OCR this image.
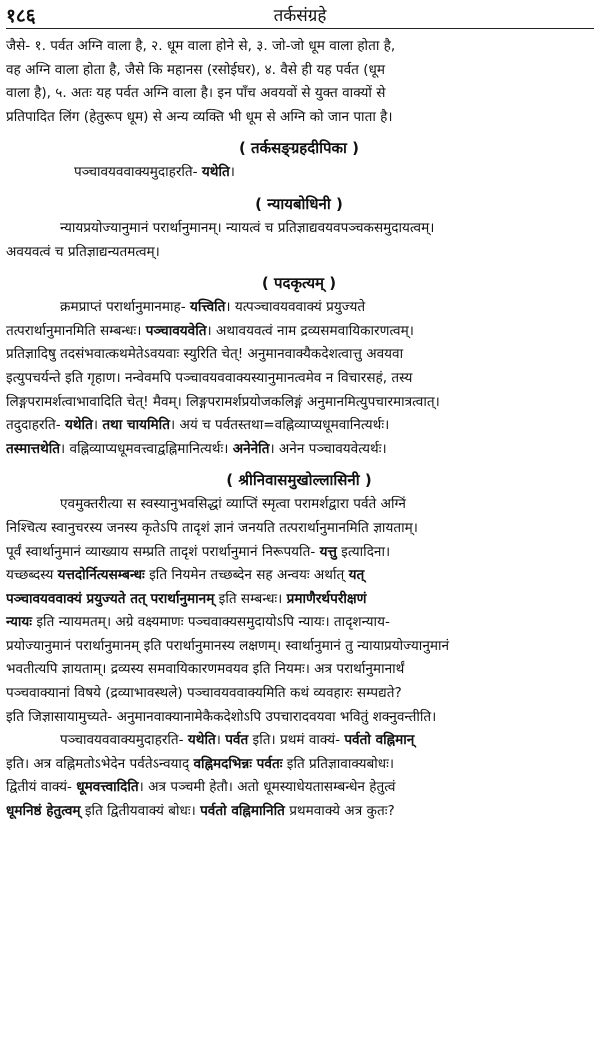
१८६	तर्कसंग्रहे
जैसे- १. पर्वत अग्नि वाला है, २. धूम वाला होने से, ३. जो-जो धूम वाला होता है,
वह अग्नि वाला होता है, जैसे कि महानस (रसोईघर), ४. वैसे ही यह पर्वत (धूम
वाला है), ५. अतः यह पर्वत अग्नि वाला है। इन पाँच अवयवों से युक्त वाक्यों से
प्रतिपादित लिंग (हेतुरूप धूम) से अन्य व्यक्ति भी धूम से अग्नि को जान पाता है।
( तर्कसङ्ग्रहदीपिका )
पञ्चावयववाक्यमुदाहरति- यथेति।
( न्यायबोधिनी )
न्यायप्रयोज्यानुमानं परार्थानुमानम्। न्यायत्वं च प्रतिज्ञाद्यवयवपञ्चकसमुदायत्वम्।
अवयवत्वं च प्रतिज्ञाद्यन्यतमत्वम्।
( पदकृत्यम् )
क्रमप्राप्तं परार्थानुमानमाह- यत्त्विति। यत्पञ्चावयववाक्यं प्रयुज्यते
तत्परार्थानुमानमिति सम्बन्धः। पञ्चावयवेति। अथावयवत्वं नाम द्रव्यसमवायिकारणत्वम्।
प्रतिज्ञादिषु तदसंभवात्कथमेतेऽवयवाः स्युरिति चेत्! अनुमानवाक्यैकदेशत्वात्तु अवयवा
इत्युपचर्यन्ते इति गृहाण। नन्वेवमपि पञ्चावयववाक्यस्यानुमानत्वमेव न विचारसहं, तस्य
लिङ्गपरामर्शत्वाभावादिति चेत्! मैवम्। लिङ्गपरामर्शप्रयोजकलिङ्गं अनुमानमित्युपचारमात्रत्वात्।
तदुदाहरति- यथेति। तथा चायमिति। अयं च पर्वतस्तथा=वह्निव्याप्यधूमवानित्यर्थः।
तस्मात्तथेति। वह्निव्याप्यधूमवत्त्वाद्वह्निमानित्यर्थः। अनेनेति। अनेन पञ्चावयवेत्यर्थः।
( श्रीनिवासमुखोल्लासिनी )
एवमुक्तरीत्या स स्वस्यानुभवसिद्धां व्याप्तिं स्मृत्वा परामर्शद्वारा पर्वते अग्निं
निश्चित्य स्वानुचरस्य जनस्य कृतेऽपि तादृशं ज्ञानं जनयति तत्परार्थानुमानमिति ज्ञायताम्।
पूर्वं स्वार्थानुमानं व्याख्याय सम्प्रति तादृशं परार्थानुमानं निरूपयति- यत्तु इत्यादिना।
यच्छब्दस्य यत्तदोर्नित्यसम्बन्धः इति नियमेन तच्छब्देन सह अन्वयः अर्थात् यत्
पञ्चावयववाक्यं प्रयुज्यते तत् परार्थानुमानम् इति सम्बन्धः। प्रमाणैरर्थपरीक्षणं
न्यायः इति न्यायमतम्। अग्रे वक्ष्यमाणः पञ्चवाक्यसमुदायोऽपि न्यायः। तादृशन्याय-
प्रयोज्यानुमानं परार्थानुमानम् इति परार्थानुमानस्य लक्षणम्। स्वार्थानुमानं तु न्यायाप्रयोज्यानुमानं
भवतीत्यपि ज्ञायताम्। द्रव्यस्य समवायिकारणमवयव इति नियमः। अत्र परार्थानुमानार्थं
पञ्चवाक्यानां विषये (द्रव्याभावस्थले) पञ्चावयववाक्यमिति कथं व्यवहारः सम्पद्यते?
इति जिज्ञासायामुच्यते- अनुमानवाक्यानामेकैकदेशोऽपि उपचारादवयवा भवितुं शक्नुवन्तीति।
पञ्चावयववाक्यमुदाहरति- यथेति। पर्वत इति। प्रथमं वाक्यं- पर्वतो वह्निमान्
इति। अत्र वह्निमतोऽभेदेन पर्वतेऽन्वयाद् वह्निमदभिन्नः पर्वतः इति प्रतिज्ञावाक्यबोधः।
द्वितीयं वाक्यं- धूमवत्त्वादिति। अत्र पञ्चमी हेतौ। अतो धूमस्याधेयतासम्बन्धेन हेतुत्वं
धूमनिष्ठं हेतुत्वम् इति द्वितीयवाक्यं बोधः। पर्वतो वह्निमानिति प्रथमवाक्ये अत्र कुतः?
